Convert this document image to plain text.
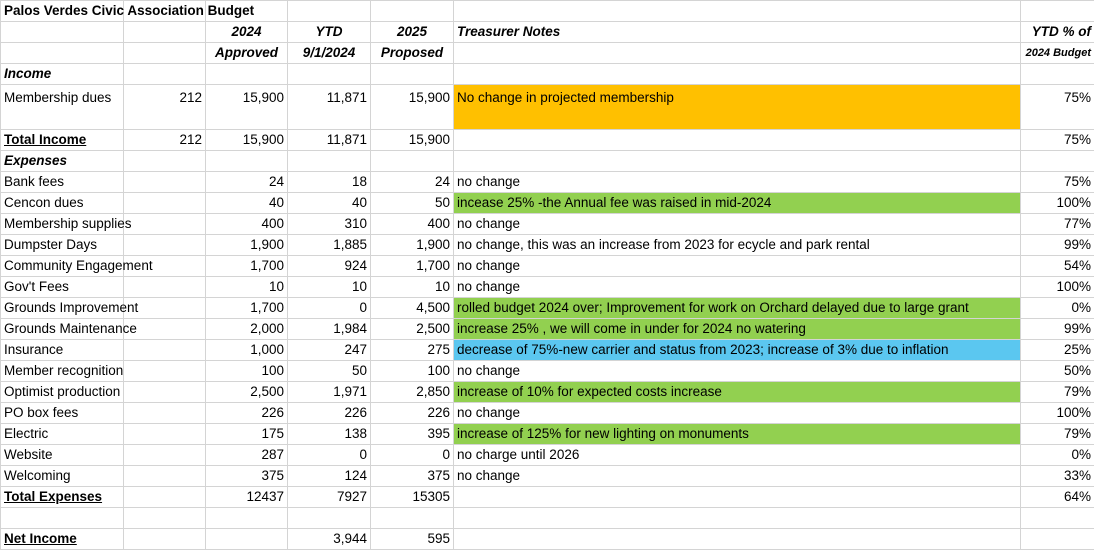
Palos Verdes Civic Association Budget						
		2024	YTD	2025	Treasurer Notes	YTD % of
		Approved	9/1/2024	Proposed		2024 Budget
Income						
Membership dues	212	15,900	11,871	15,900	No change in projected membership	75%
Total Income	212	15,900	11,871	15,900		75%
Expenses						
Bank fees		24	18	24	no change	75%
Cencon dues		40	40	50	incease 25% -the Annual fee was raised in mid-2024	100%
Membership supplies		400	310	400	no change	77%
Dumpster Days		1,900	1,885	1,900	no change, this was an increase from 2023 for ecycle and park rental	99%
Community Engagement		1,700	924	1,700	no change	54%
Gov't Fees		10	10	10	no change	100%
Grounds Improvement		1,700	0	4,500	rolled budget 2024 over; Improvement for work on Orchard delayed due to large grant	0%
Grounds Maintenance		2,000	1,984	2,500	increase 25% , we will come in under for 2024 no watering	99%
Insurance		1,000	247	275	decrease of 75%-new carrier and status from 2023; increase of 3% due to inflation	25%
Member recognition		100	50	100	no change	50%
Optimist production		2,500	1,971	2,850	increase of 10% for expected costs increase	79%
PO box fees		226	226	226	no change	100%
Electric		175	138	395	increase of 125% for new lighting on monuments	79%
Website		287	0	0	no charge until 2026	0%
Welcoming		375	124	375	no change	33%
Total Expenses		12437	7927	15305		64%

Net Income			3,944	595		
